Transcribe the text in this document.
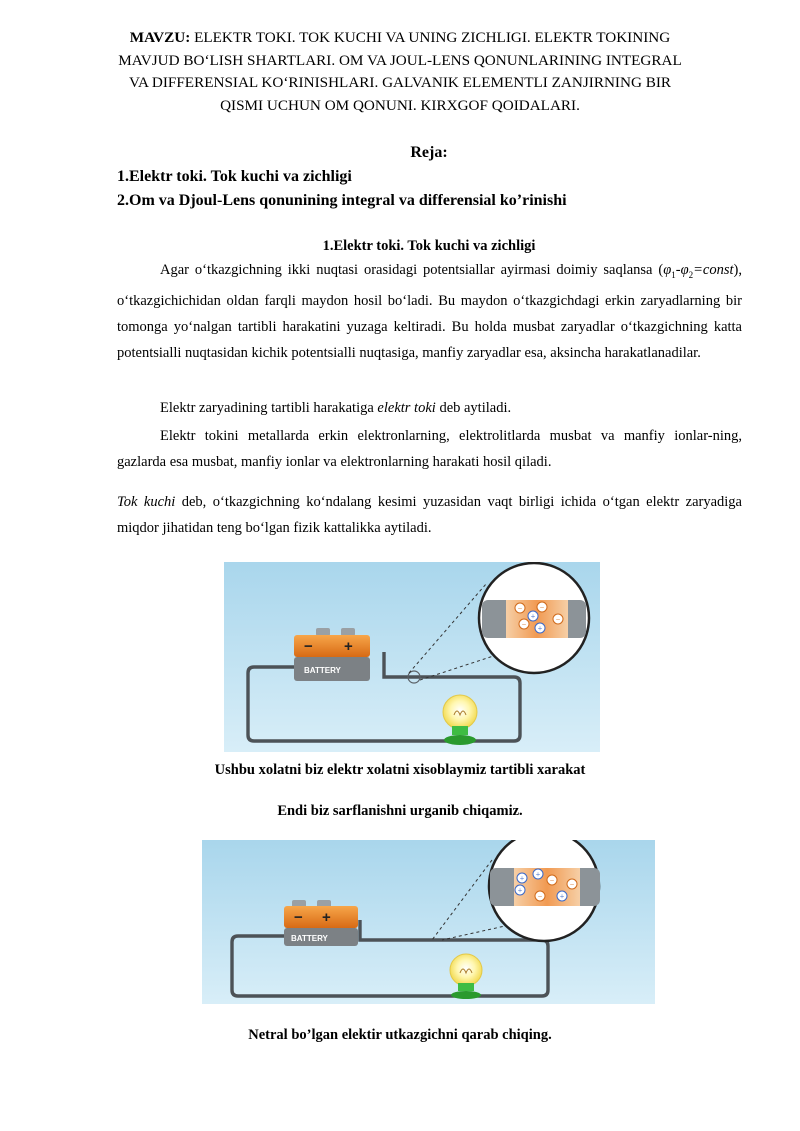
MAVZU: ELEKTR TOKI. TOK KUCHI VA UNING ZICHLIGI. ELEKTR TOKINING MAVJUD BOʻLISH SHARTLARI. OM VA JOUL-LENS QONUNLARINING INTEGRAL VA DIFFERENSIAL KOʻRINISHLARI. GALVANIK ELEMENTLI ZANJIRNING BIR QISMI UCHUN OM QONUNI. KIRXGOF QOIDALARI.
Reja:
1.Elektr toki. Tok kuchi va zichligi
2.Om va Djoul-Lens qonunining integral va differensial ko’rinishi
1.Elektr toki. Tok kuchi va zichligi
Agar oʻtkazgichning ikki nuqtasi orasidagi potentsiallar ayirmasi doimiy saqlansa $(\varphi_1-\varphi_2=const)$, oʻtkazgichichidan oldan farqli maydon hosil boʻladi. Bu maydon oʻtkazgichdagi erkin zaryadlarning bir tomonga yoʻnalgan tartibli harakatini yuzaga keltiradi. Bu holda musbat zaryadlar oʻtkazgichning katta potentsialli nuqtasidan kichik potentsialli nuqtasiga, manfiy zaryadlar esa, aksincha harakatlanadilar.
Elektr zaryadining tartibli harakatiga elektr toki deb aytiladi.
Elektr tokini metallarda erkin elektronlarning, elektrolitlarda musbat va manfiy ionlar-ning, gazlarda esa musbat, manfiy ionlar va elektronlarning harakati hosil qiladi.
Tok kuchi deb, oʻtkazgichning koʻndalang kesimi yuzasidan vaqt birligi ichida oʻtgan elektr zaryadiga miqdor jihatidan teng boʻlgan fizik kattalikka aytiladi.
− +
BATTERY
−
+
−
−
−
+
Ushbu xolatni biz elektr xolatni xisoblaymiz tartibli xarakat
Endi biz sarflanishni urganib chiqamiz.
− +
BATTERY
+ +
−
+
− +
−
Netral bo’lgan elektir utkazgichni qarab chiqing.
